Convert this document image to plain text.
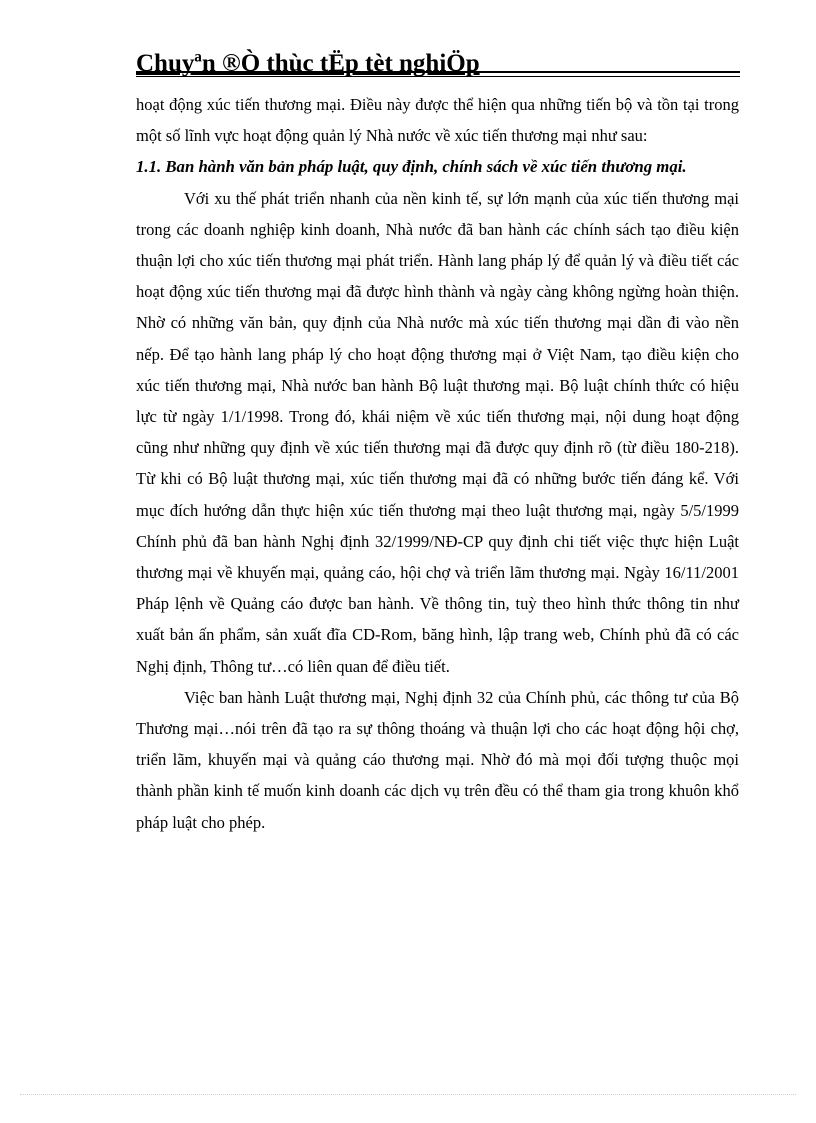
Chuyªn ®Ò thùc tËp tèt nghiÖp

hoạt động xúc tiến thương mại. Điều này được thể hiện qua những tiến bộ và tồn tại trong một số lĩnh vực hoạt động quản lý Nhà nước về xúc tiến thương mại như sau:

1.1. Ban hành văn bản pháp luật, quy định, chính sách về xúc tiến thương mại.

Với xu thế phát triển nhanh của nền kinh tế, sự lớn mạnh của xúc tiến thương mại trong các doanh nghiệp kinh doanh, Nhà nước đã ban hành các chính sách tạo điều kiện thuận lợi cho xúc tiến thương mại phát triển. Hành lang pháp lý để quản lý và điều tiết các hoạt động xúc tiến thương mại đã được hình thành và ngày càng không ngừng hoàn thiện. Nhờ có những văn bản, quy định của Nhà nước mà xúc tiến thương mại dần đi vào nền nếp. Để tạo hành lang pháp lý cho hoạt động thương mại ở Việt Nam, tạo điều kiện cho xúc tiến thương mại, Nhà nước ban hành Bộ luật thương mại. Bộ luật chính thức có hiệu lực từ ngày 1/1/1998. Trong đó, khái niệm về xúc tiến thương mại, nội dung hoạt động cũng như những quy định về xúc tiến thương mại đã được quy định rõ (từ điều 180-218). Từ khi có Bộ luật thương mại, xúc tiến thương mại đã có những bước tiến đáng kể. Với mục đích hướng dẫn thực hiện xúc tiến thương mại theo luật thương mại, ngày 5/5/1999 Chính phủ đã ban hành Nghị định 32/1999/NĐ-CP quy định chi tiết việc thực hiện Luật thương mại về khuyến mại, quảng cáo, hội chợ và triển lãm thương mại. Ngày 16/11/2001 Pháp lệnh về Quảng cáo được ban hành. Về thông tin, tuỳ theo hình thức thông tin như xuất bản ấn phẩm, sản xuất đĩa CD-Rom, băng hình, lập trang web, Chính phủ đã có các Nghị định, Thông tư…có liên quan để điều tiết.

Việc ban hành Luật thương mại, Nghị định 32 của Chính phủ, các thông tư của Bộ Thương mại…nói trên đã tạo ra sự thông thoáng và thuận lợi cho các hoạt động hội chợ, triển lãm, khuyến mại và quảng cáo thương mại. Nhờ đó mà mọi đối tượng thuộc mọi thành phần kinh tế muốn kinh doanh các dịch vụ trên đều có thể tham gia trong khuôn khổ pháp luật cho phép.
